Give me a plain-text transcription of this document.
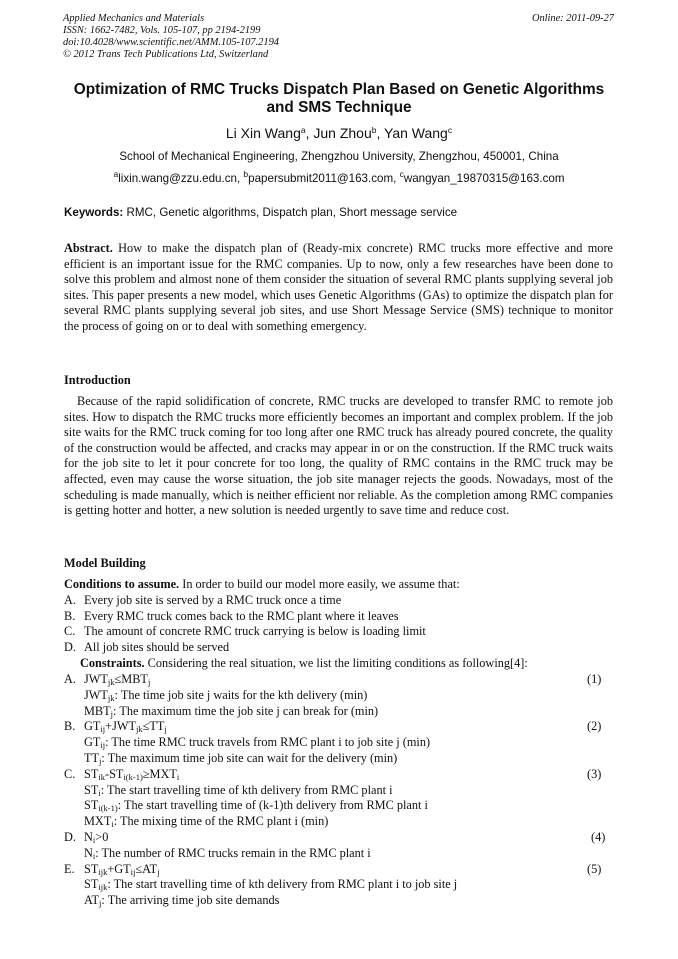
Applied Mechanics and Materials
ISSN: 1662-7482, Vols. 105-107, pp 2194-2199
doi:10.4028/www.scientific.net/AMM.105-107.2194
© 2012 Trans Tech Publications Ltd, Switzerland
Online: 2011-09-27
Optimization of RMC Trucks Dispatch Plan Based on Genetic Algorithms
and SMS Technique
Li Xin Wang$^a$, Jun Zhou$^b$, Yan Wang$^c$
School of Mechanical Engineering, Zhengzhou University, Zhengzhou, 450001, China
$^a$lixin.wang@zzu.edu.cn, $^b$papersubmit2011@163.com, $^c$wangyan_19870315@163.com
Keywords: RMC, Genetic algorithms, Dispatch plan, Short message service
Abstract. How to make the dispatch plan of (Ready-mix concrete) RMC trucks more effective and more efficient is an important issue for the RMC companies. Up to now, only a few researches have been done to solve this problem and almost none of them consider the situation of several RMC plants supplying several job sites. This paper presents a new model, which uses Genetic Algorithms (GAs) to optimize the dispatch plan for several RMC plants supplying several job sites, and use Short Message Service (SMS) technique to monitor the process of going on or to deal with something emergency.
Introduction
Because of the rapid solidification of concrete, RMC trucks are developed to transfer RMC to remote job sites. How to dispatch the RMC trucks more efficiently becomes an important and complex problem. If the job site waits for the RMC truck coming for too long after one RMC truck has already poured concrete, the quality of the construction would be affected, and cracks may appear in or on the construction. If the RMC truck waits for the job site to let it pour concrete for too long, the quality of RMC contains in the RMC truck may be affected, even may cause the worse situation, the job site manager rejects the goods. Nowadays, most of the scheduling is made manually, which is neither efficient nor reliable. As the completion among RMC companies is getting hotter and hotter, a new solution is needed urgently to save time and reduce cost.
Model Building
Conditions to assume. In order to build our model more easily, we assume that:
A. Every job site is served by a RMC truck once a time
B. Every RMC truck comes back to the RMC plant where it leaves
C. The amount of concrete RMC truck carrying is below is loading limit
D. All job sites should be served
Constraints. Considering the real situation, we list the limiting conditions as following[4]:
A. $JWT_{jk}\le MBT_j$	(1)
$JWT_{jk}$: The time job site j waits for the kth delivery (min)
$MBT_j$: The maximum time the job site j can break for (min)
B. $GT_{ij}+JWT_{jk}\le TT_j$	(2)
$GT_{ij}$: The time RMC truck travels from RMC plant i to job site j (min)
$TT_j$: The maximum time job site can wait for the delivery (min)
C. $ST_{ik}-ST_{i(k-1)}\ge MXT_i$	(3)
$ST_i$: The start travelling time of kth delivery from RMC plant i
$ST_{i(k-1)}$: The start travelling time of (k-1)th delivery from RMC plant i
$MXT_i$: The mixing time of the RMC plant i (min)
D. $N_i>0$	(4)
$N_i$: The number of RMC trucks remain in the RMC plant i
E. $ST_{ijk}+GT_{ij}\le AT_j$	(5)
$ST_{ijk}$: The start travelling time of kth delivery from RMC plant i to job site j
$AT_j$: The arriving time job site demands
